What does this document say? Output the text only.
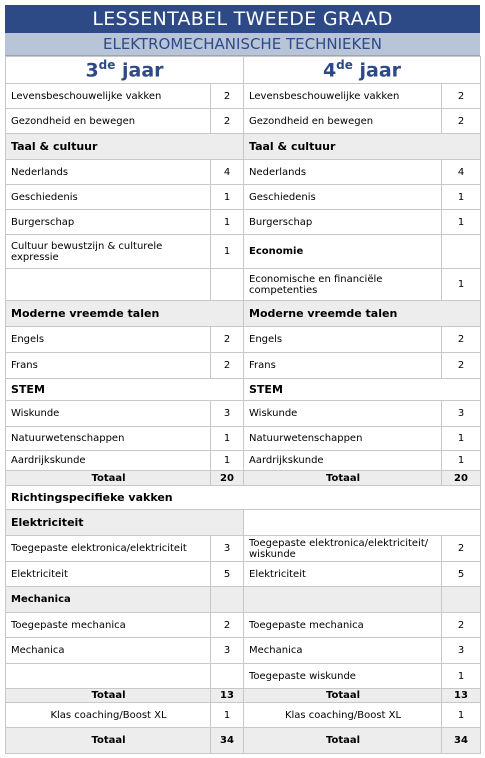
LESSENTABEL TWEEDE GRAAD
ELEKTROMECHANISCHE TECHNIEKEN
3de jaar		4de jaar	
Levensbeschouwelijke vakken	2	Levensbeschouwelijke vakken	2
Gezondheid en bewegen	2	Gezondheid en bewegen	2
Taal & cultuur		Taal & cultuur	
Nederlands	4	Nederlands	4
Geschiedenis	1	Geschiedenis	1
Burgerschap	1	Burgerschap	1
Cultuur bewustzijn & culturele expressie	1	Economie	
		Economische en financiële competenties	1
Moderne vreemde talen		Moderne vreemde talen	
Engels	2	Engels	2
Frans	2	Frans	2
STEM		STEM	
Wiskunde	3	Wiskunde	3
Natuurwetenschappen	1	Natuurwetenschappen	1
Aardrijkskunde	1	Aardrijkskunde	1
Totaal	20	Totaal	20
Richtingspecifieke vakken			
Elektriciteit			
Toegepaste elektronica/elektriciteit	3	Toegepaste elektronica/elektriciteit/ wiskunde	2
Elektriciteit	5	Elektriciteit	5
Mechanica			
Toegepaste mechanica	2	Toegepaste mechanica	2
Mechanica	3	Mechanica	3
		Toegepaste wiskunde	1
Totaal	13	Totaal	13
Klas coaching/Boost XL	1	Klas coaching/Boost XL	1
Totaal	34	Totaal	34
